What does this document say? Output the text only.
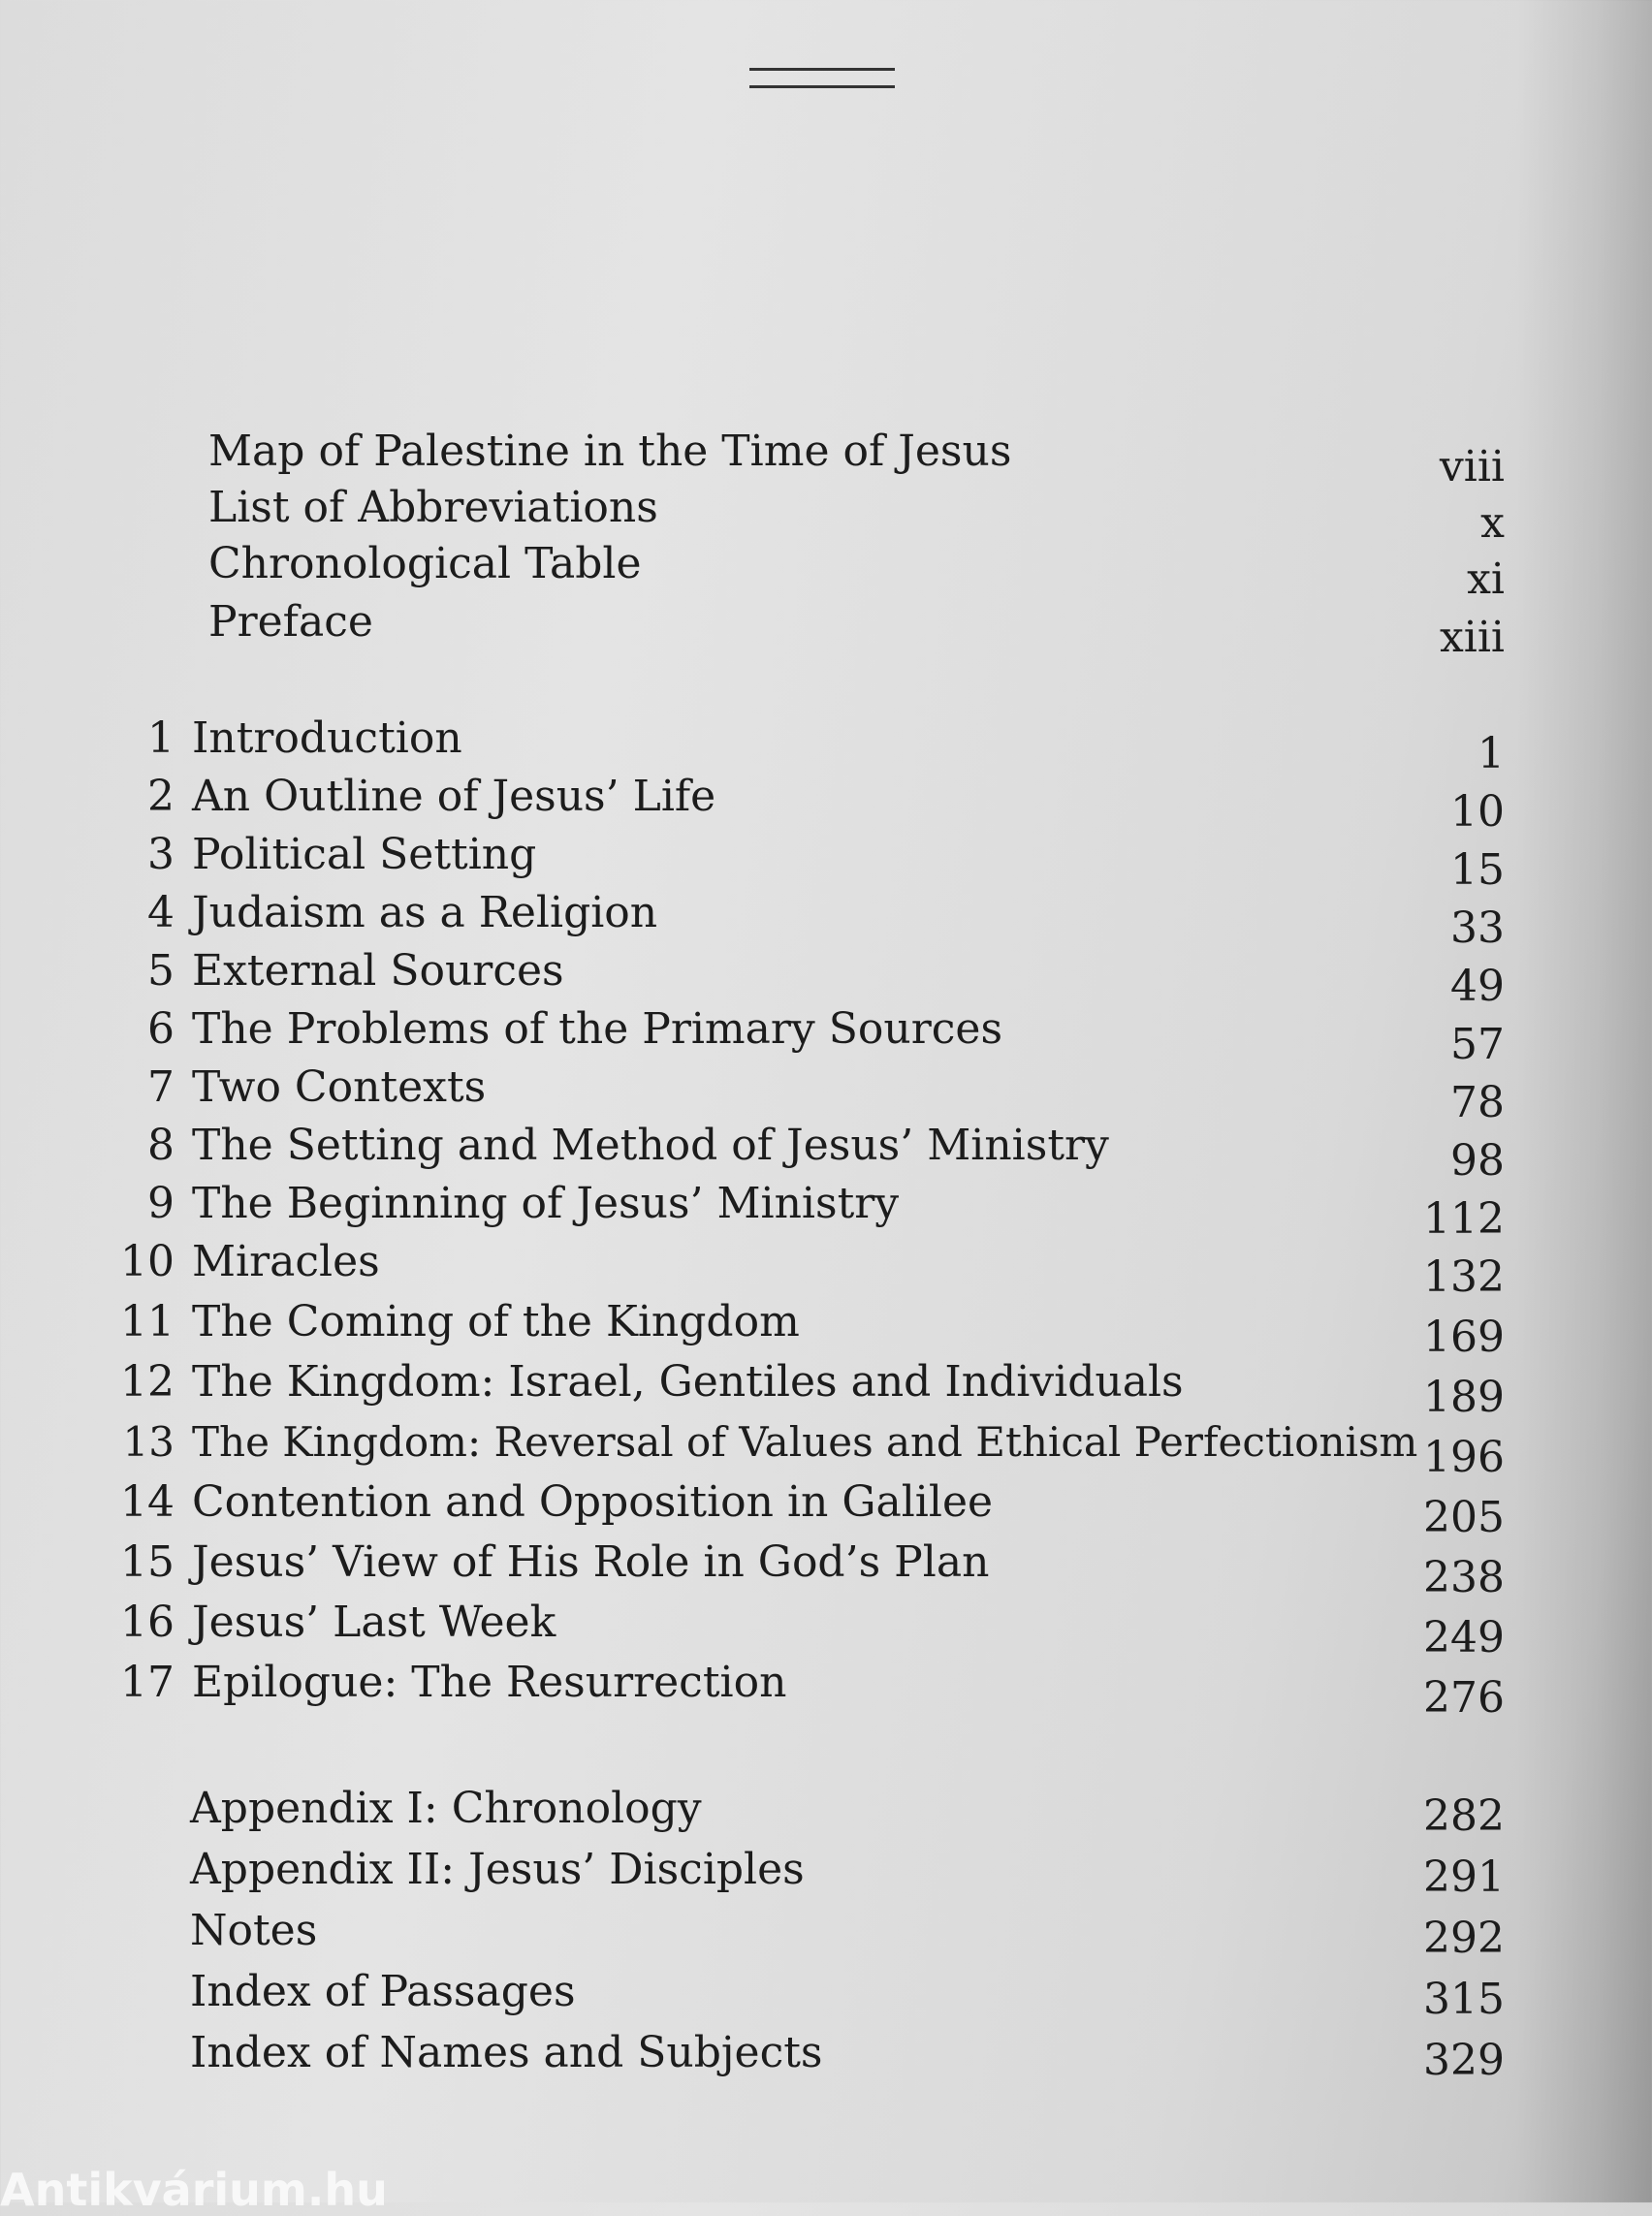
Map of Palestine in the Time of Jesus	viii
List of Abbreviations	x
Chronological Table	xi
Preface	xiii
1 Introduction	1
2 An Outline of Jesus’ Life	10
3 Political Setting	15
4 Judaism as a Religion	33
5 External Sources	49
6 The Problems of the Primary Sources	57
7 Two Contexts	78
8 The Setting and Method of Jesus’ Ministry	98
9 The Beginning of Jesus’ Ministry	112
10 Miracles	132
11 The Coming of the Kingdom	169
12 The Kingdom: Israel, Gentiles and Individuals	189
13 The Kingdom: Reversal of Values and Ethical Perfectionism 196
14 Contention and Opposition in Galilee	205
15 Jesus’ View of His Role in God’s Plan	238
16 Jesus’ Last Week	249
17 Epilogue: The Resurrection	276
Appendix I: Chronology	282
Appendix II: Jesus’ Disciples	291
Notes	292
Index of Passages	315
Index of Names and Subjects	329
Antikvárium.hu
